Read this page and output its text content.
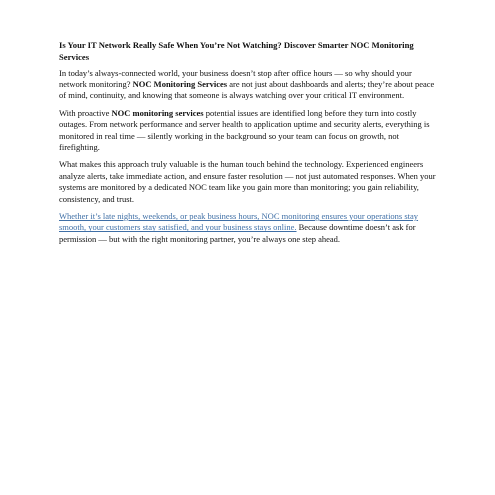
Is Your IT Network Really Safe When You’re Not Watching? Discover Smarter NOC Monitoring Services

In today’s always-connected world, your business doesn’t stop after office hours — so why should your network monitoring? NOC Monitoring Services are not just about dashboards and alerts; they’re about peace of mind, continuity, and knowing that someone is always watching over your critical IT environment.

With proactive NOC monitoring services potential issues are identified long before they turn into costly outages. From network performance and server health to application uptime and security alerts, everything is monitored in real time — silently working in the background so your team can focus on growth, not firefighting.

What makes this approach truly valuable is the human touch behind the technology. Experienced engineers analyze alerts, take immediate action, and ensure faster resolution — not just automated responses. When your systems are monitored by a dedicated NOC team like you gain more than monitoring; you gain reliability, consistency, and trust.

Whether it’s late nights, weekends, or peak business hours, NOC monitoring ensures your operations stay smooth, your customers stay satisfied, and your business stays online. Because downtime doesn’t ask for permission — but with the right monitoring partner, you’re always one step ahead.
